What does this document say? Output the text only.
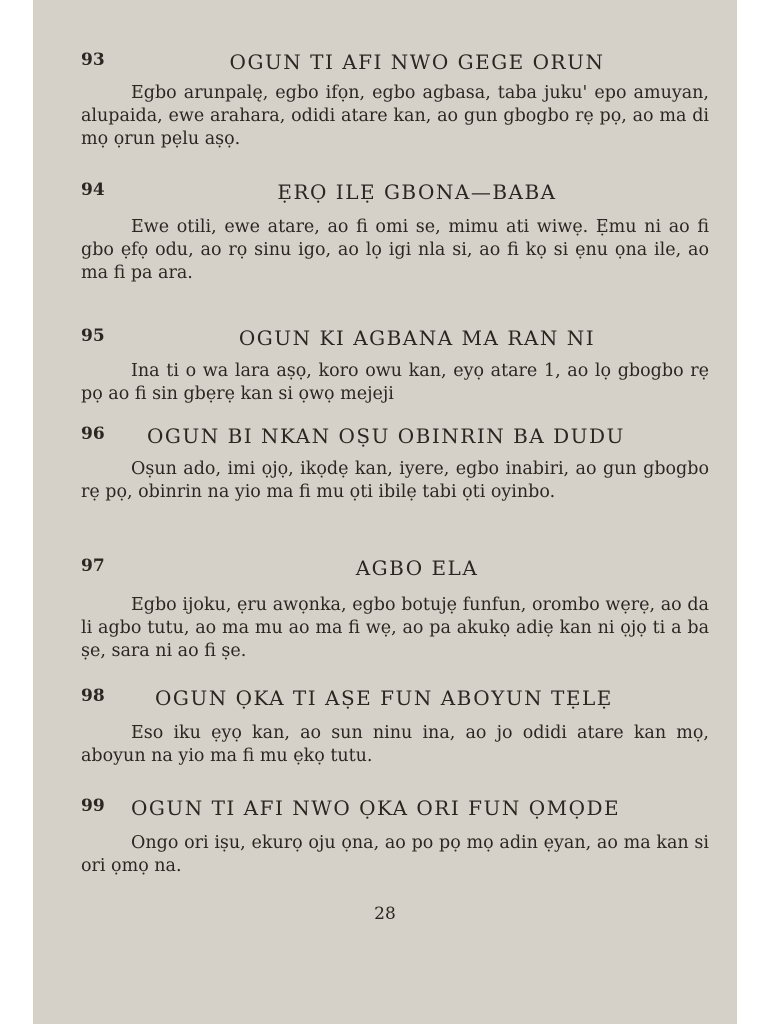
93	OGUN TI AFI NWO GEGE ORUN

Egbo arunpalę, egbo ifọn, egbo agbasa, taba juku' epo amuyan, alupaida, ewe arahara, odidi atare kan, ao gun gbogbo rẹ pọ, ao ma di mọ ọrun pẹlu aṣọ.

94	ẸRỌ ILẸ GBONA—BABA

Ewe otili, ewe atare, ao fi omi se, mimu ati wiwẹ. Ẹmu ni ao fi gbo ẹfọ odu, ao rọ sinu igo, ao lọ igi nla si, ao fi kọ si ẹnu ọna ile, ao ma fi pa ara.

95	OGUN KI AGBANA MA RAN NI

Ina ti o wa lara aṣọ, koro owu kan, eyọ atare 1, ao lọ gbogbo rẹ pọ ao fi sin gbẹrẹ kan si ọwọ mejeji

96 OGUN BI NKAN OṢU OBINRIN BA DUDU

Oṣun ado, imi ọjọ, ikọdẹ kan, iyere, egbo inabiri, ao gun gbogbo rẹ pọ, obinrin na yio ma fi mu ọti ibilẹ tabi ọti oyinbo.

97	AGBO ELA

Egbo ijoku, ẹru awọnka, egbo botujẹ funfun, orombo wẹrẹ, ao da li agbo tutu, ao ma mu ao ma fi wẹ, ao pa akukọ adiẹ kan ni ọjọ ti a ba ṣe, sara ni ao fi ṣe.

98	OGUN ỌKA TI AṢE FUN ABOYUN TẸLẸ

Eso iku ẹyọ kan, ao sun ninu ina, ao jo odidi atare kan mọ, aboyun na yio ma fi mu ẹkọ tutu.

99 OGUN TI AFI NWO ỌKA ORI FUN ỌMỌDE

Ongo ori iṣu, ekurọ oju ọna, ao po pọ mọ adin ẹyan, ao ma kan si ori ọmọ na.

28
